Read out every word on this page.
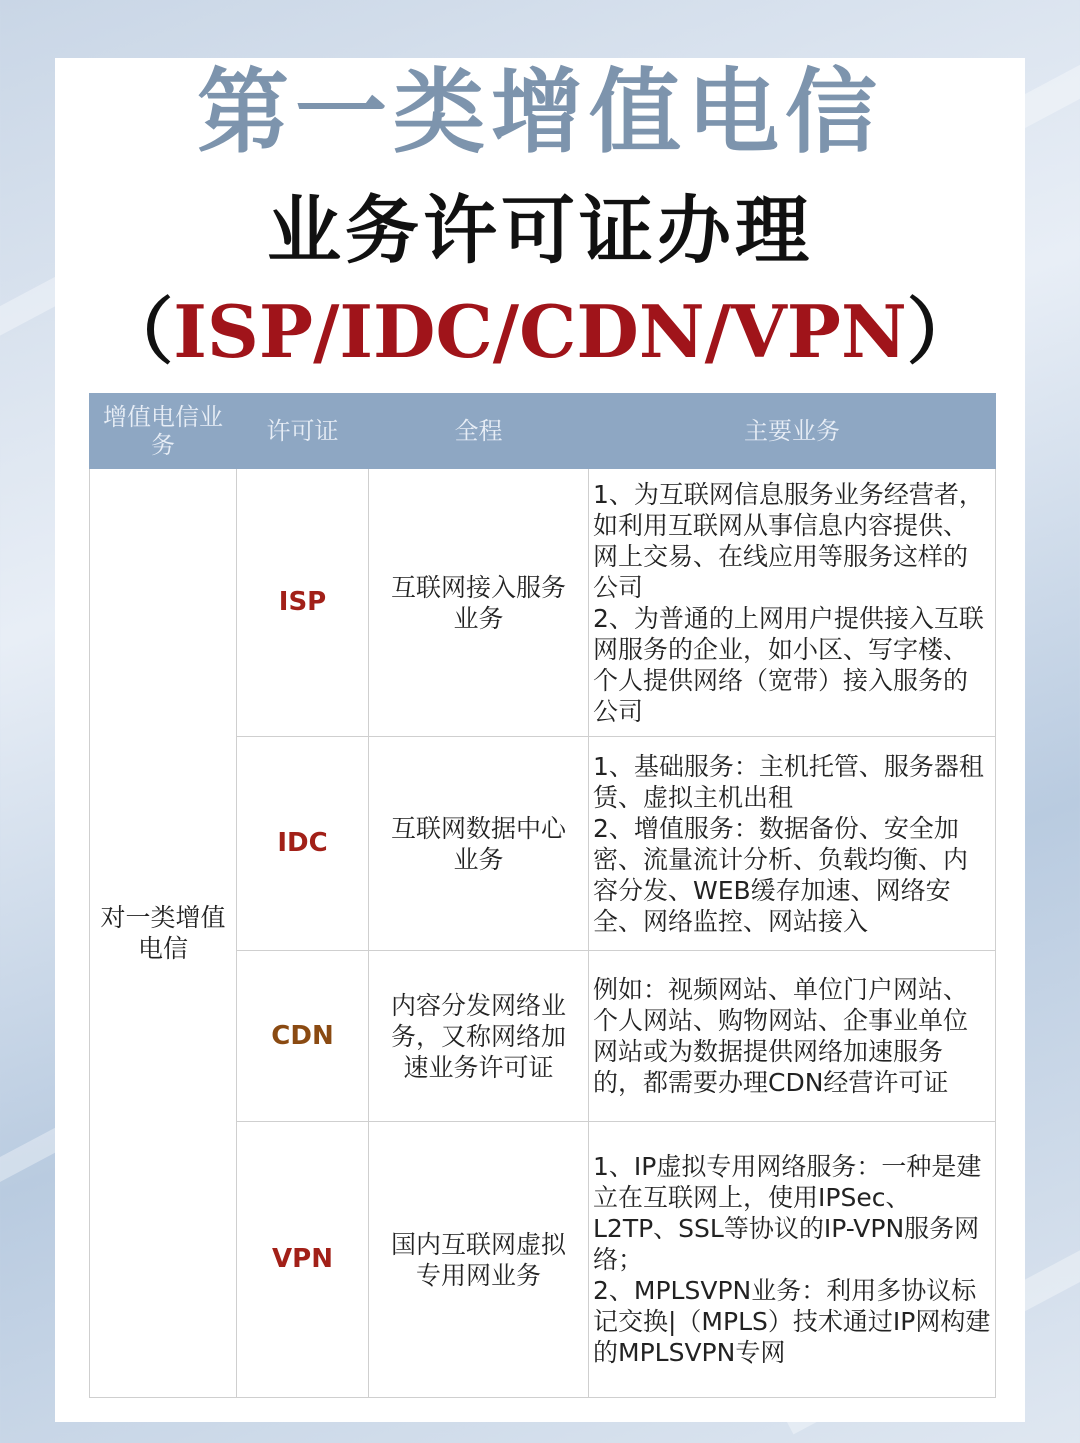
第一类增值电信
业务许可证办理
（ISP/IDC/CDN/VPN）
增值电信业务	许可证	全程	主要业务
对一类增值电信	ISP	互联网接入服务业务	1、为互联网信息服务业务经营者，如利用互联网从事信息内容提供、网上交易、在线应用等服务这样的公司
2、为普通的上网用户提供接入互联网服务的企业，如小区、写字楼、个人提供网络（宽带）接入服务的公司

	IDC	互联网数据中心业务	1、基础服务：主机托管、服务器租赁、虚拟主机出租
2、增值服务：数据备份、安全加密、流量流计分析、负载均衡、内容分发、WEB缓存加速、网络安全、网络监控、网站接入

	CDN	内容分发网络业务，又称网络加速业务许可证	例如：视频网站、单位门户网站、个人网站、购物网站、企事业单位网站或为数据提供网络加速服务的，都需要办理CDN经营许可证

	VPN	国内互联网虚拟专用网业务	1、IP虚拟专用网络服务：一种是建立在互联网上，使用IPSec、L2TP、SSL等协议的IP-VPN服务网络；
2、MPLSVPN业务：利用多协议标记交换|（MPLS）技术通过IP网构建的MPLSVPN专网
